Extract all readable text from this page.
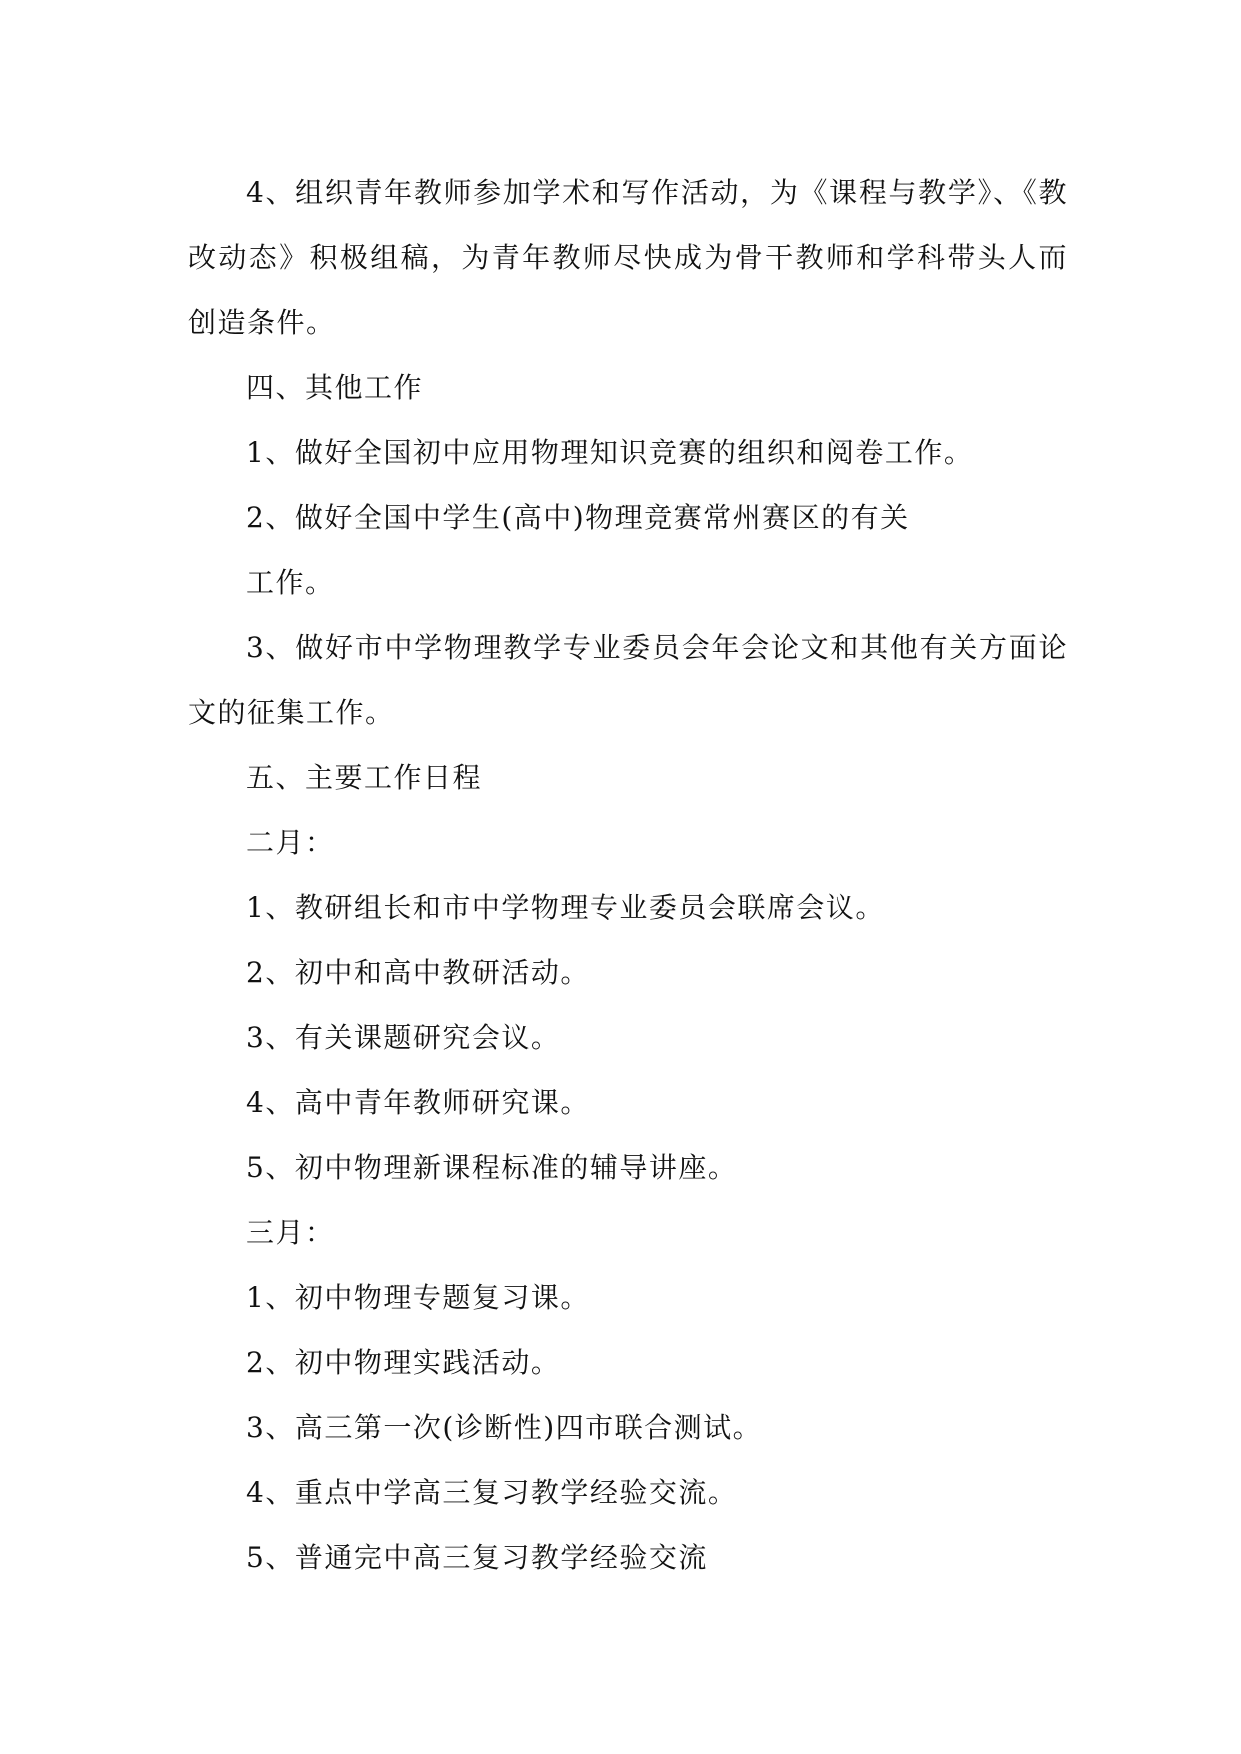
4、组织青年教师参加学术和写作活动，为《课程与教学》、《教改动态》积极组稿，为青年教师尽快成为骨干教师和学科带头人而创造条件。

四、其他工作

1、做好全国初中应用物理知识竞赛的组织和阅卷工作。

2、做好全国中学生(高中)物理竞赛常州赛区的有关

工作。

3、做好市中学物理教学专业委员会年会论文和其他有关方面论文的征集工作。

五、主要工作日程

二月：

1、教研组长和市中学物理专业委员会联席会议。

2、初中和高中教研活动。

3、有关课题研究会议。

4、高中青年教师研究课。

5、初中物理新课程标准的辅导讲座。

三月：

1、初中物理专题复习课。

2、初中物理实践活动。

3、高三第一次(诊断性)四市联合测试。

4、重点中学高三复习教学经验交流。

5、普通完中高三复习教学经验交流
